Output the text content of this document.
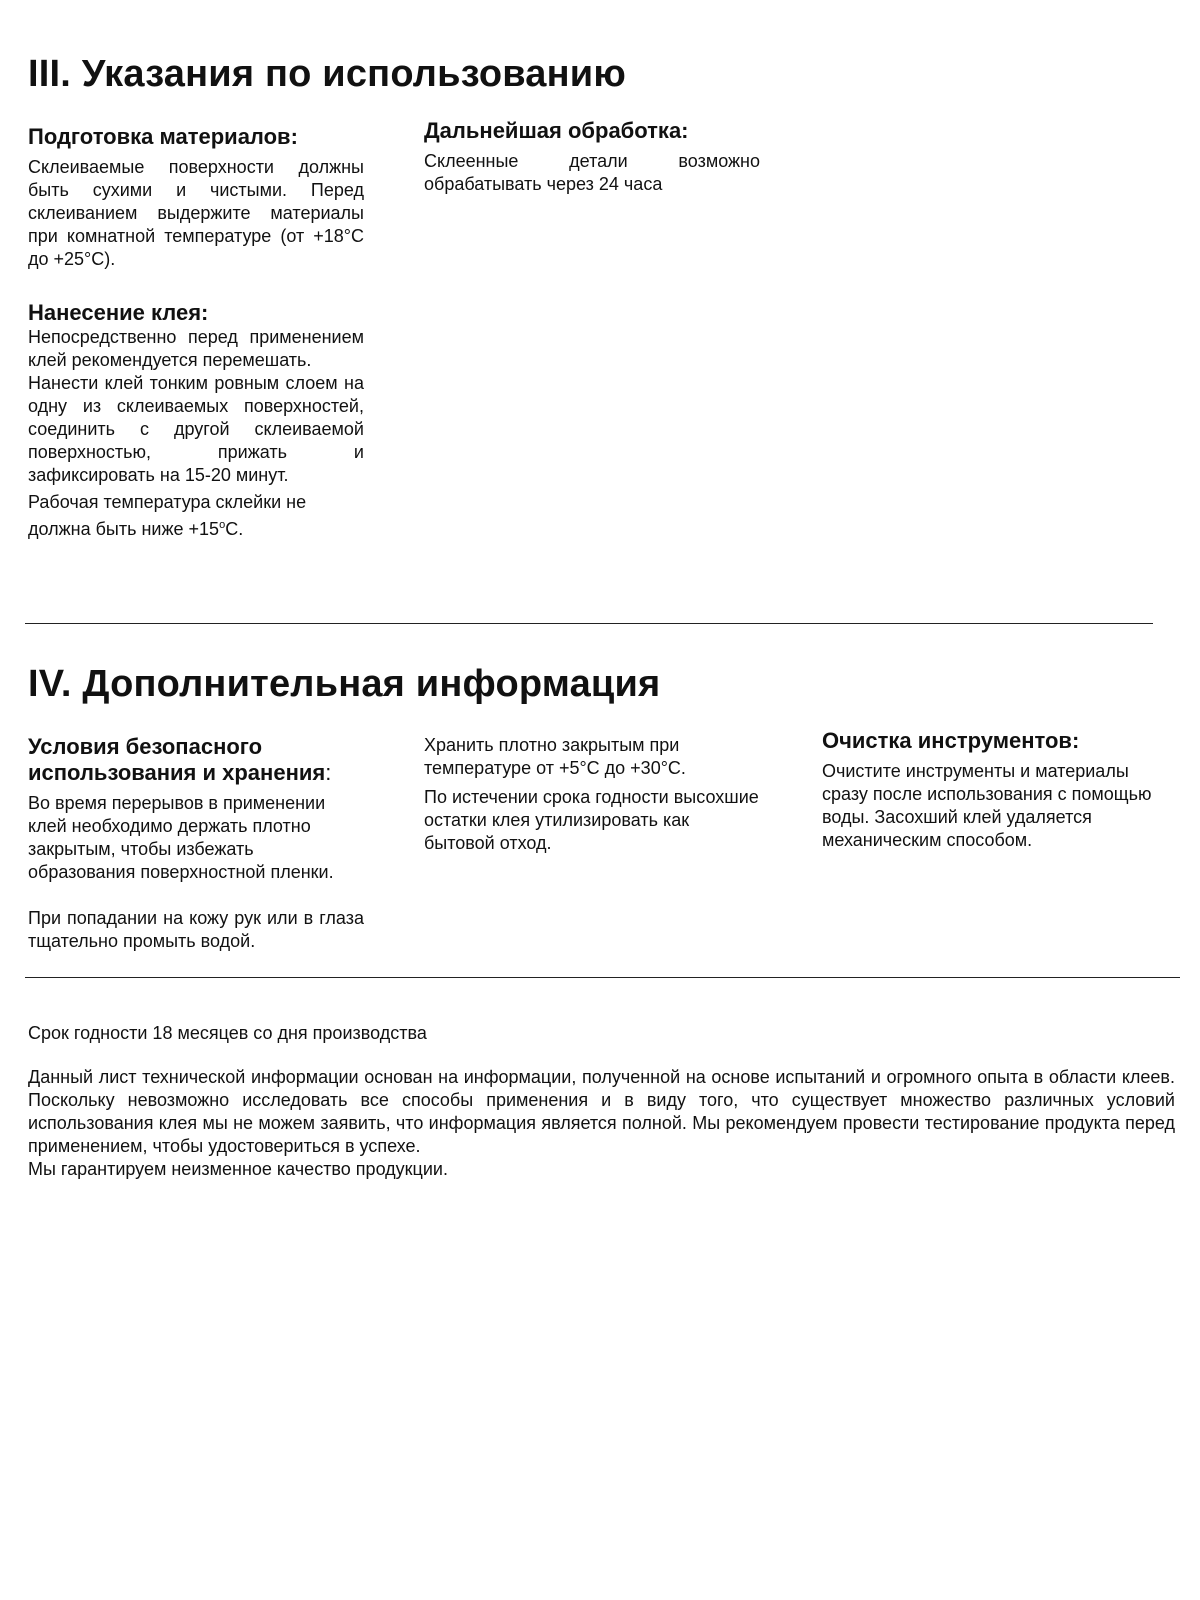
III. Указания по использованию
Подготовка материалов:

Склеиваемые поверхности должны быть сухими и чистыми. Перед склеиванием выдержите материалы при комнатной температуре (от +18°С до +25°С).

Нанесение клея:

Непосредственно перед применением клей рекомендуется перемешать.

Нанести клей тонким ровным слоем на одну из склеиваемых поверхностей, соединить с другой склеиваемой поверхностью, прижать и зафиксировать на 15-20 минут.

Рабочая температура склейки не должна быть ниже $+15^оС$.

Дальнейшая обработка:

Склеенные детали возможно обрабатывать через 24 часа

IV. Дополнительная информация
Условия безопасного использования и хранения:

Во время перерывов в применении клей необходимо держать плотно закрытым, чтобы избежать образования поверхностной пленки.

При попадании на кожу рук или в глаза тщательно промыть водой.

Хранить плотно закрытым при температуре от +5°С до +30°С.

По истечении срока годности высохшие остатки клея утилизировать как бытовой отход.

Очистка инструментов:

Очистите инструменты и материалы сразу после использования с помощью воды. Засохший клей удаляется механическим способом.

Срок годности 18 месяцев со дня производства

Данный лист технической информации основан на информации, полученной на основе испытаний и огромного опыта в области клеев. Поскольку невозможно исследовать все способы применения и в виду того, что существует множество различных условий использования клея мы не можем заявить, что информация является полной. Мы рекомендуем провести тестирование продукта перед применением, чтобы удостовериться в успехе.

Мы гарантируем неизменное качество продукции.
